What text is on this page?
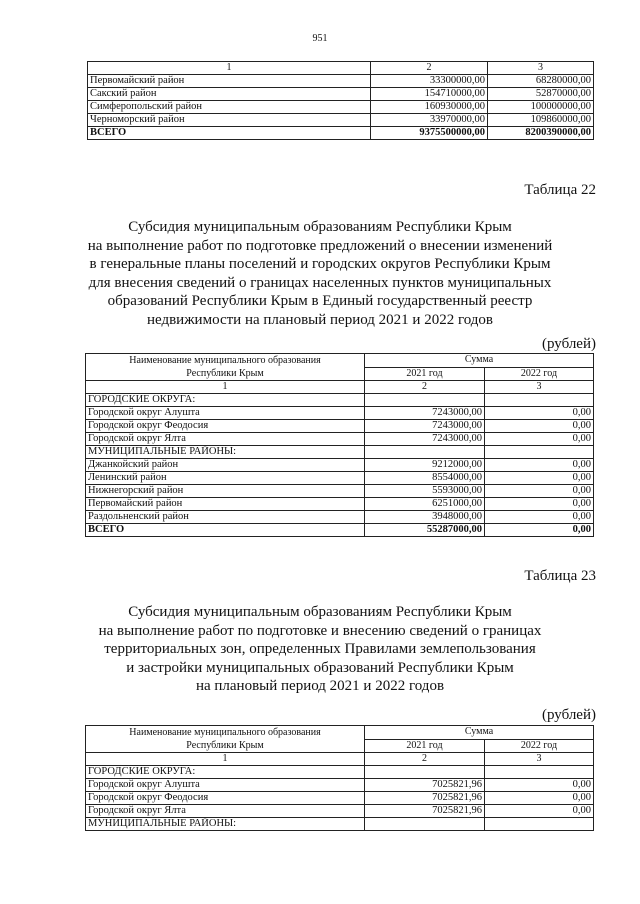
951
1	2	3
Первомайский район	33300000,00	68280000,00
Сакский район	154710000,00	52870000,00
Симферопольский район	160930000,00	100000000,00
Черноморский район	33970000,00	109860000,00
ВСЕГО	9375500000,00	8200390000,00
Таблица 22
Субсидия муниципальным образованиям Республики Крым
на выполнение работ по подготовке предложений о внесении изменений
в генеральные планы поселений и городских округов Республики Крым
для внесения сведений о границах населенных пунктов муниципальных
образований Республики Крым в Единый государственный реестр
недвижимости на плановый период 2021 и 2022 годов
(рублей)
Наименование муниципального образования
Республики Крым	Сумма	
	2021 год	2022 год
1	2	3
ГОРОДСКИЕ ОКРУГА:		
Городской округ Алушта	7243000,00	0,00
Городской округ Феодосия	7243000,00	0,00
Городской округ Ялта	7243000,00	0,00
МУНИЦИПАЛЬНЫЕ РАЙОНЫ:		
Джанкойский район	9212000,00	0,00
Ленинский район	8554000,00	0,00
Нижнегорский район	5593000,00	0,00
Первомайский район	6251000,00	0,00
Раздольненский район	3948000,00	0,00
ВСЕГО	55287000,00	0,00
Таблица 23
Субсидия муниципальным образованиям Республики Крым
на выполнение работ по подготовке и внесению сведений о границах
территориальных зон, определенных Правилами землепользования
и застройки муниципальных образований Республики Крым
на плановый период 2021 и 2022 годов
(рублей)
Наименование муниципального образования
Республики Крым	Сумма	
	2021 год	2022 год
1	2	3
ГОРОДСКИЕ ОКРУГА:		
Городской округ Алушта	7025821,96	0,00
Городской округ Феодосия	7025821,96	0,00
Городской округ Ялта	7025821,96	0,00
МУНИЦИПАЛЬНЫЕ РАЙОНЫ:		
